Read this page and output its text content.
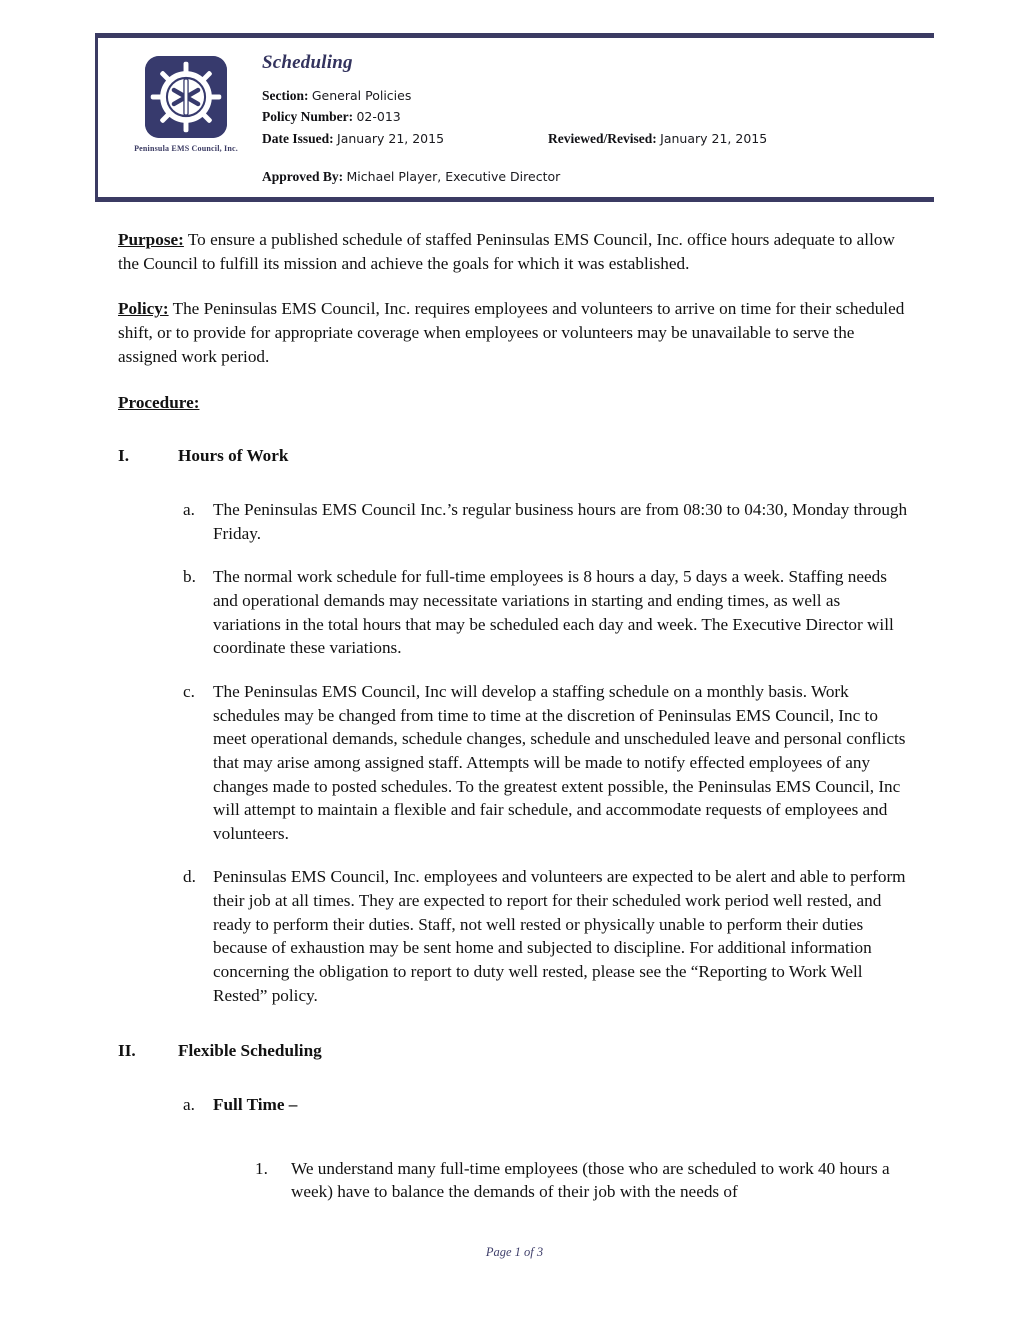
Peninsula EMS Council, Inc.
Scheduling
Section: General Policies
Policy Number: 02-013
Date Issued: January 21, 2015	Reviewed/Revised: January 21, 2015
Approved By: Michael Player, Executive Director

Purpose: To ensure a published schedule of staffed Peninsulas EMS Council, Inc. office hours adequate to allow the Council to fulfill its mission and achieve the goals for which it was established.

Policy: The Peninsulas EMS Council, Inc. requires employees and volunteers to arrive on time for their scheduled shift, or to provide for appropriate coverage when employees or volunteers may be unavailable to serve the assigned work period.

Procedure:
I.	Hours of Work
a.	The Peninsulas EMS Council Inc.’s regular business hours are from 08:30 to 04:30, Monday through Friday.
b. The normal work schedule for full-time employees is 8 hours a day, 5 days a week. Staffing needs and operational demands may necessitate variations in starting and ending times, as well as variations in the total hours that may be scheduled each day and week. The Executive Director will coordinate these variations.
c.	The Peninsulas EMS Council, Inc will develop a staffing schedule on a monthly basis. Work schedules may be changed from time to time at the discretion of Peninsulas EMS Council, Inc to meet operational demands, schedule changes, schedule and unscheduled leave and personal conflicts that may arise among assigned staff. Attempts will be made to notify effected employees of any changes made to posted schedules. To the greatest extent possible, the Peninsulas EMS Council, Inc will attempt to maintain a flexible and fair schedule, and accommodate requests of employees and volunteers.
d. Peninsulas EMS Council, Inc. employees and volunteers are expected to be alert and able to perform their job at all times. They are expected to report for their scheduled work period well rested, and ready to perform their duties. Staff, not well rested or physically unable to perform their duties because of exhaustion may be sent home and subjected to discipline. For additional information concerning the obligation to report to duty well rested, please see the “Reporting to Work Well Rested” policy.
II.	Flexible Scheduling
a.	Full Time –
1.	We understand many full-time employees (those who are scheduled to work 40 hours a week) have to balance the demands of their job with the needs of
Page 1 of 3
